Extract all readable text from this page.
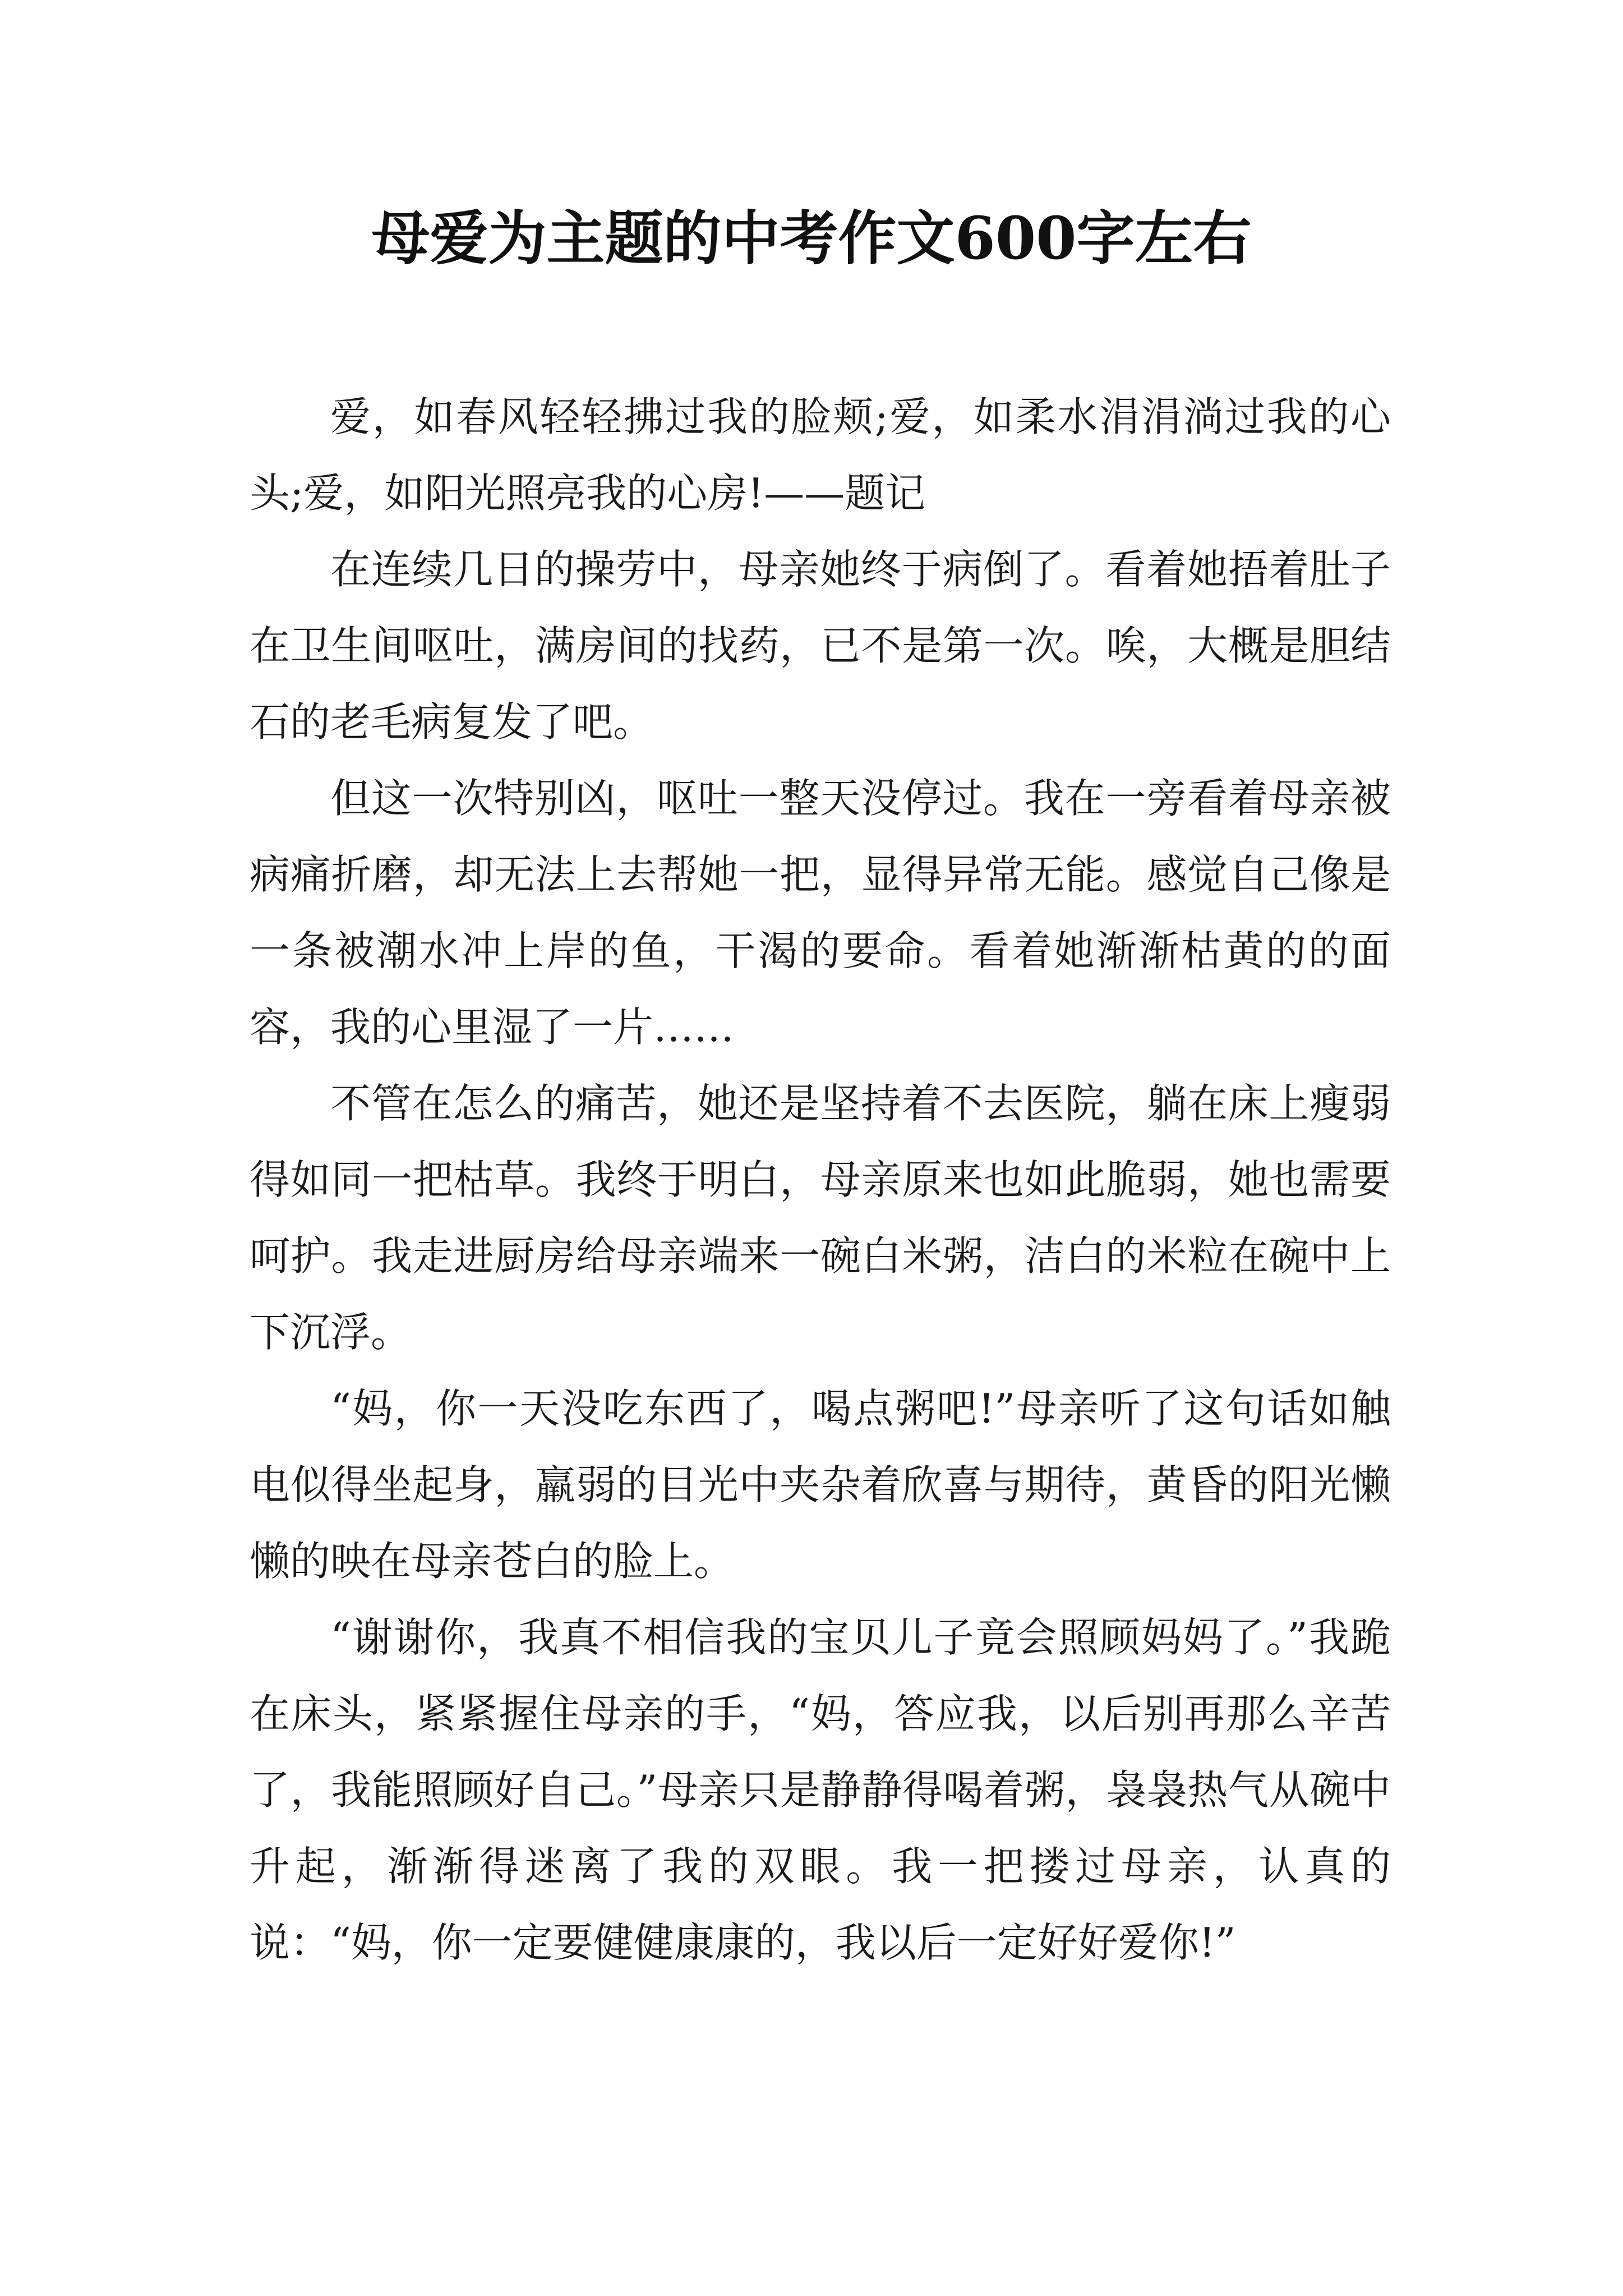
母爱为主题的中考作文600字左右

爱，如春风轻轻拂过我的脸颊;爱，如柔水涓涓淌过我的心头;爱，如阳光照亮我的心房!——题记

在连续几日的操劳中，母亲她终于病倒了。看着她捂着肚子在卫生间呕吐，满房间的找药，已不是第一次。唉，大概是胆结石的老毛病复发了吧。

但这一次特别凶，呕吐一整天没停过。我在一旁看着母亲被病痛折磨，却无法上去帮她一把，显得异常无能。感觉自己像是一条被潮水冲上岸的鱼，干渴的要命。看着她渐渐枯黄的的面容，我的心里湿了一片……

不管在怎么的痛苦，她还是坚持着不去医院，躺在床上瘦弱得如同一把枯草。我终于明白，母亲原来也如此脆弱，她也需要呵护。我走进厨房给母亲端来一碗白米粥，洁白的米粒在碗中上下沉浮。

“妈，你一天没吃东西了，喝点粥吧!”母亲听了这句话如触电似得坐起身，羸弱的目光中夹杂着欣喜与期待，黄昏的阳光懒懒的映在母亲苍白的脸上。

“谢谢你，我真不相信我的宝贝儿子竟会照顾妈妈了。”我跪在床头，紧紧握住母亲的手，“妈，答应我，以后别再那么辛苦了，我能照顾好自己。”母亲只是静静得喝着粥，袅袅热气从碗中升起，渐渐得迷离了我的双眼。我一把搂过母亲，认真的说：“妈，你一定要健健康康的，我以后一定好好爱你!”
